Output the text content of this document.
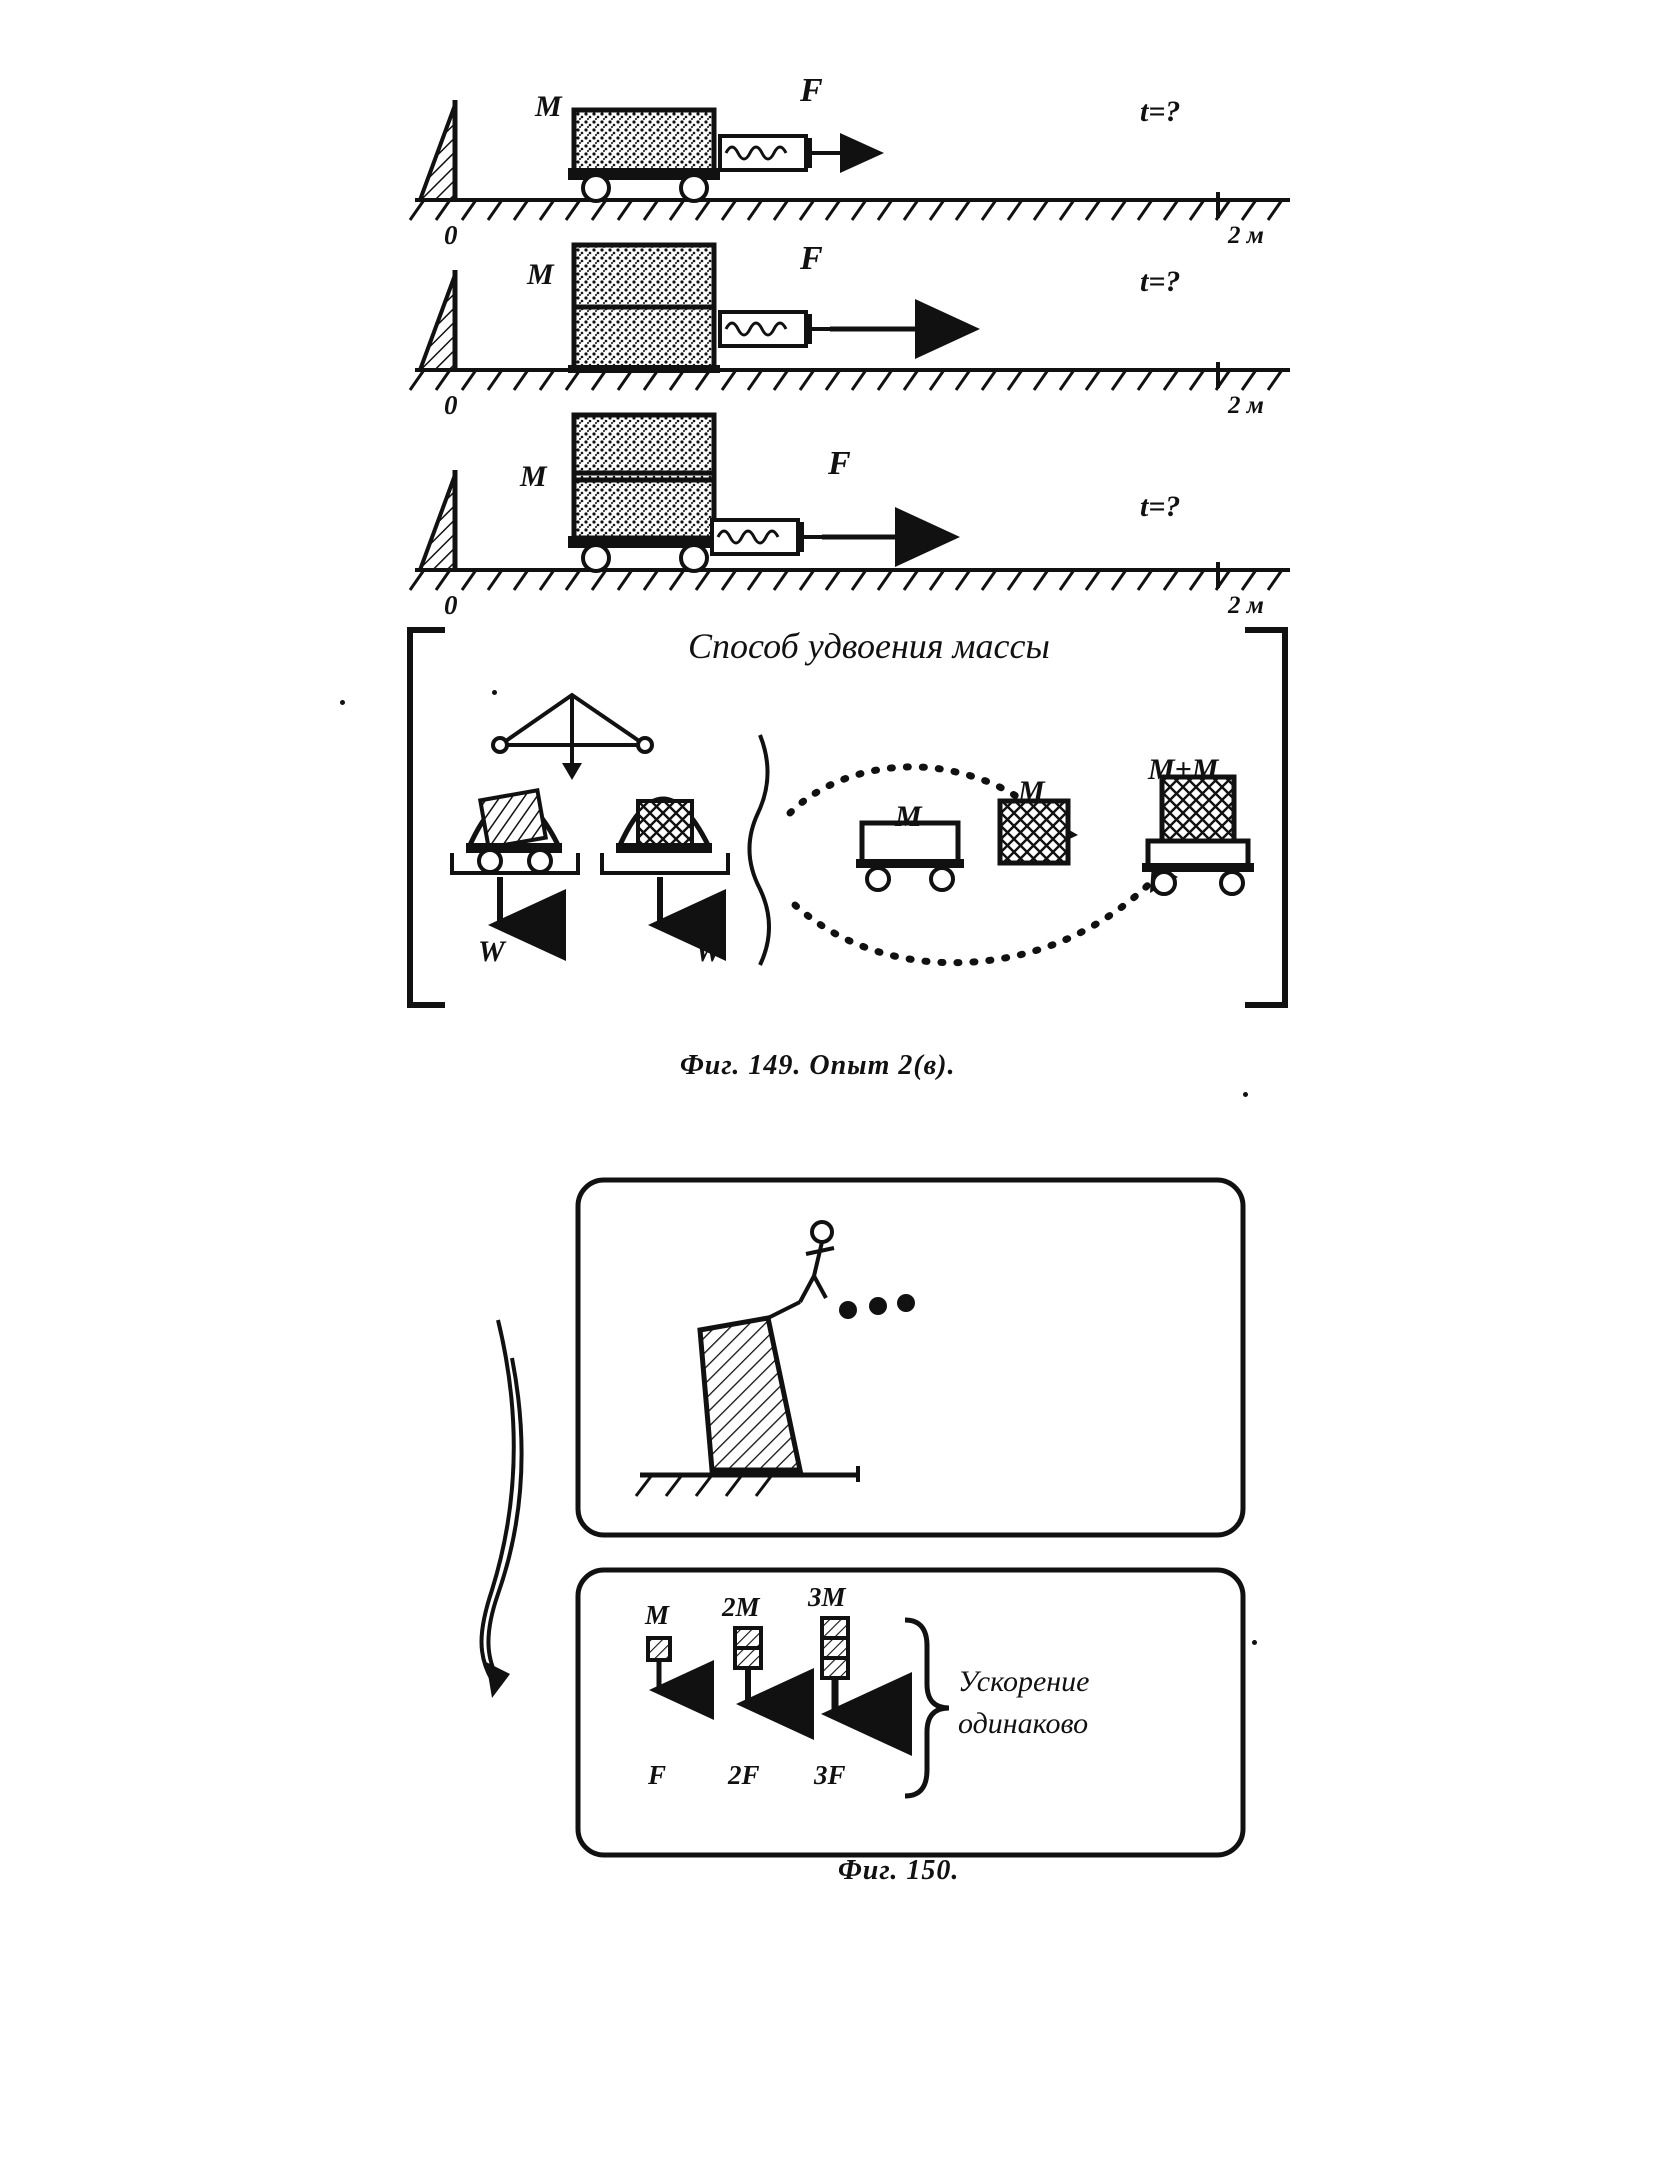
M	F
t=?
0	2 м
M	F
t=?
0	2 м
M	F
t=?
0	2 м
Способ удвоения массы
W	W
M
M
M+M
Фиг. 149. Опыт 2(в).
M 2M 3M
F 2F 3F
Ускорение
одинаково
Фиг. 150.
